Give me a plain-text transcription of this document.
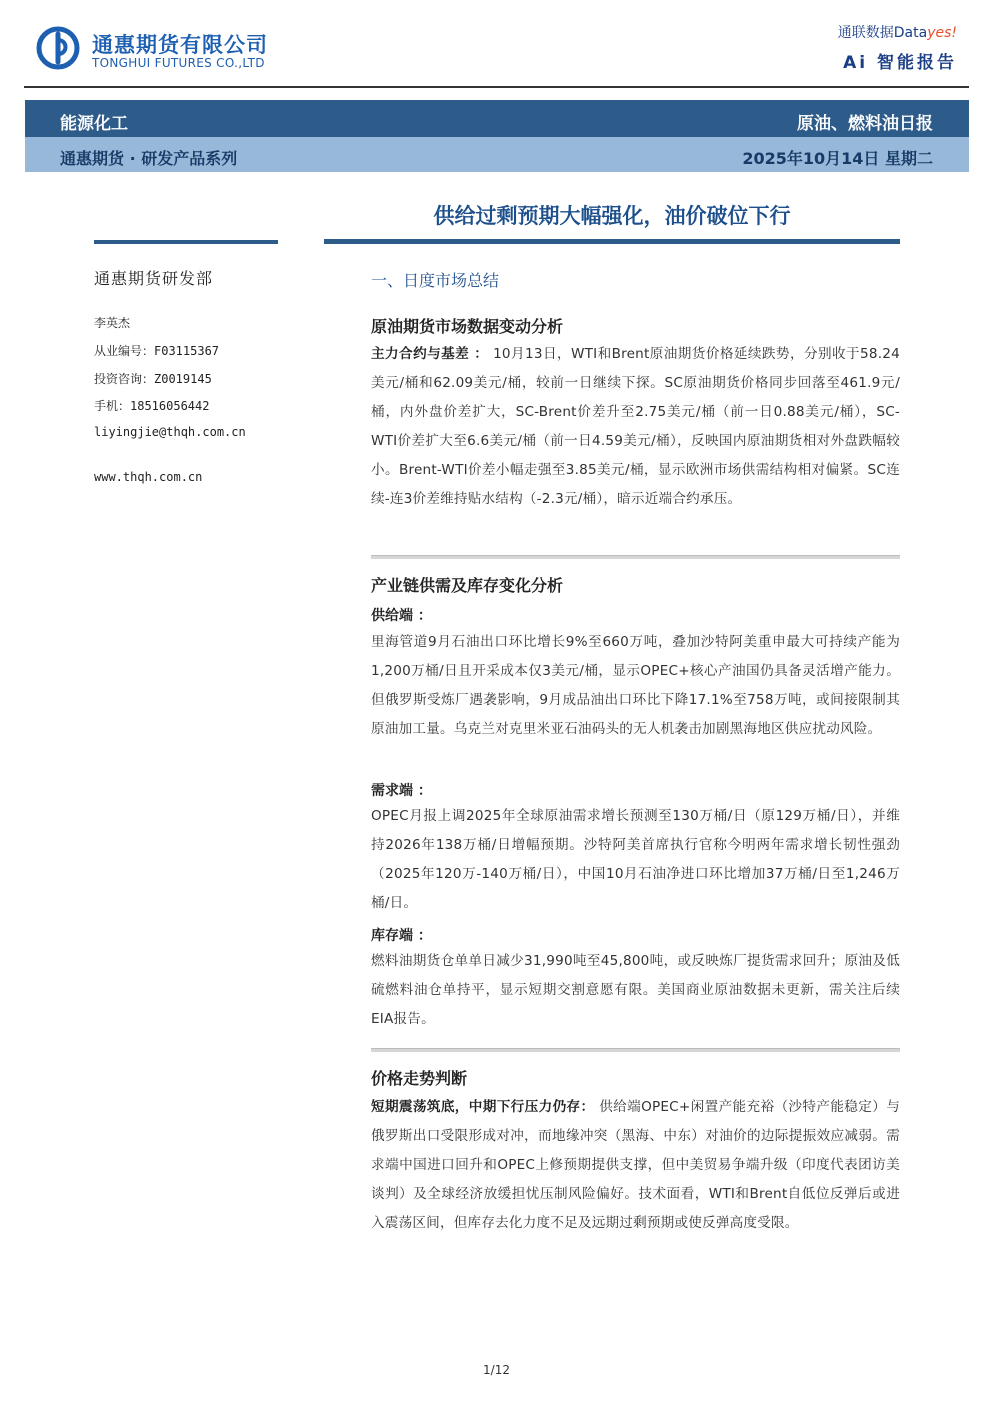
通惠期货有限公司
TONGHUI FUTURES CO.,LTD
通联数据Datayes!
Ai 智能报告
能源化工	原油、燃料油日报
通惠期货 · 研发产品系列	2025年10月14日 星期二
供给过剩预期大幅强化，油价破位下行
通惠期货研发部
李英杰
从业编号：F03115367
投资咨询：Z0019145
手机：18516056442
liyingjie@thqh.com.cn
www.thqh.com.cn
一、日度市场总结
原油期货市场数据变动分析
主力合约与基差 ： 10月13日，WTI和Brent原油期货价格延续跌势，分别收于58.24美元/桶和62.09美元/桶，较前一日继续下探。SC原油期货价格同步回落至461.9元/桶，内外盘价差扩大，SC-Brent价差升至2.75美元/桶（前一日0.88美元/桶），SC-WTI价差扩大至6.6美元/桶（前一日4.59美元/桶），反映国内原油期货相对外盘跌幅较小。Brent-WTI价差小幅走强至3.85美元/桶，显示欧洲市场供需结构相对偏紧。SC连续-连3价差维持贴水结构（-2.3元/桶），暗示近端合约承压。
产业链供需及库存变化分析
供给端 ：
里海管道9月石油出口环比增长9%至660万吨，叠加沙特阿美重申最大可持续产能为1,200万桶/日且开采成本仅3美元/桶，显示OPEC+核心产油国仍具备灵活增产能力。但俄罗斯受炼厂遇袭影响，9月成品油出口环比下降17.1%至758万吨，或间接限制其原油加工量。乌克兰对克里米亚石油码头的无人机袭击加剧黑海地区供应扰动风险。
需求端 ：
OPEC月报上调2025年全球原油需求增长预测至130万桶/日（原129万桶/日），并维持2026年138万桶/日增幅预期。沙特阿美首席执行官称今明两年需求增长韧性强劲（2025年120万-140万桶/日），中国10月石油净进口环比增加37万桶/日至1,246万桶/日。
库存端 ：
燃料油期货仓单单日减少31,990吨至45,800吨，或反映炼厂提货需求回升；原油及低硫燃料油仓单持平，显示短期交割意愿有限。美国商业原油数据未更新，需关注后续EIA报告。
价格走势判断
短期震荡筑底，中期下行压力仍存： 供给端OPEC+闲置产能充裕（沙特产能稳定）与俄罗斯出口受限形成对冲，而地缘冲突（黑海、中东）对油价的边际提振效应减弱。需求端中国进口回升和OPEC上修预期提供支撑，但中美贸易争端升级（印度代表团访美谈判）及全球经济放缓担忧压制风险偏好。技术面看，WTI和Brent自低位反弹后或进入震荡区间，但库存去化力度不足及远期过剩预期或使反弹高度受限。
1/12
